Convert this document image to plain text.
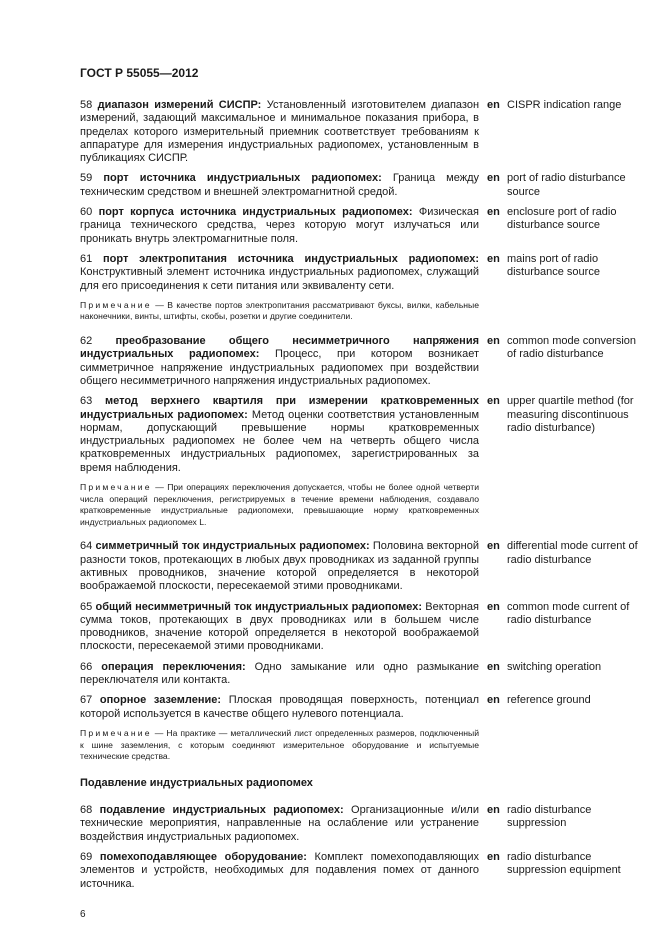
ГОСТ Р 55055—2012
58 диапазон измерений СИСПР: Установленный изготовителем диапазон измерений, задающий максимальное и минимальное показания прибора, в пределах которого измерительный приемник соответствует требованиям к аппаратуре для измерения индустриальных радиопомех, установленным в публикациях СИСПР.
en CISPR indication range
59 порт источника индустриальных радиопомех: Граница между техническим средством и внешней электромагнитной средой.
en port of radio disturbance source
60 порт корпуса источника индустриальных радиопомех: Физическая граница технического средства, через которую могут излучаться или проникать внутрь электромагнитные поля.
en enclosure port of radio disturbance source
61 порт электропитания источника индустриальных радиопомех: Конструктивный элемент источника индустриальных радиопомех, служащий для его присоединения к сети питания или эквиваленту сети.
en mains port of radio disturbance source
Примечание — В качестве портов электропитания рассматривают буксы, вилки, кабельные наконечники, винты, штифты, скобы, розетки и другие соединители.
62 преобразование общего несимметричного напряжения индустриальных радиопомех: Процесс, при котором возникает симметричное напряжение индустриальных радиопомех при воздействии общего несимметричного напряжения индустриальных радиопомех.
en common mode conversion of radio disturbance
63 метод верхнего квартиля при измерении кратковременных индустриальных радиопомех: Метод оценки соответствия установленным нормам, допускающий превышение нормы кратковременных индустриальных радиопомех не более чем на четверть общего числа кратковременных индустриальных радиопомех, зарегистрированных за время наблюдения.
en upper quartile method (for measuring discontinuous radio disturbance)
Примечание — При операциях переключения допускается, чтобы не более одной четверти числа операций переключения, регистрируемых в течение времени наблюдения, создавало кратковременные индустриальные радиопомехи, превышающие норму кратковременных индустриальных радиопомех L.
64 симметричный ток индустриальных радиопомех: Половина векторной разности токов, протекающих в любых двух проводниках из заданной группы активных проводников, значение которой определяется в некоторой воображаемой плоскости, пересекаемой этими проводниками.
en differential mode current of radio disturbance
65 общий несимметричный ток индустриальных радиопомех: Векторная сумма токов, протекающих в двух проводниках или в большем числе проводников, значение которой определяется в некоторой воображаемой плоскости, пересекаемой этими проводниками.
en common mode current of radio disturbance
66 операция переключения: Одно замыкание или одно размыкание переключателя или контакта.
en switching operation
67 опорное заземление: Плоская проводящая поверхность, потенциал которой используется в качестве общего нулевого потенциала.
en reference ground
Примечание — На практике — металлический лист определенных размеров, подключенный к шине заземления, с которым соединяют измерительное оборудование и испытуемые технические средства.
Подавление индустриальных радиопомех
68 подавление индустриальных радиопомех: Организационные и/или технические мероприятия, направленные на ослабление или устранение воздействия индустриальных радиопомех.
en radio disturbance suppression
69 помехоподавляющее оборудование: Комплект помехоподавляющих элементов и устройств, необходимых для подавления помех от данного источника.
en radio disturbance suppression equipment
6
